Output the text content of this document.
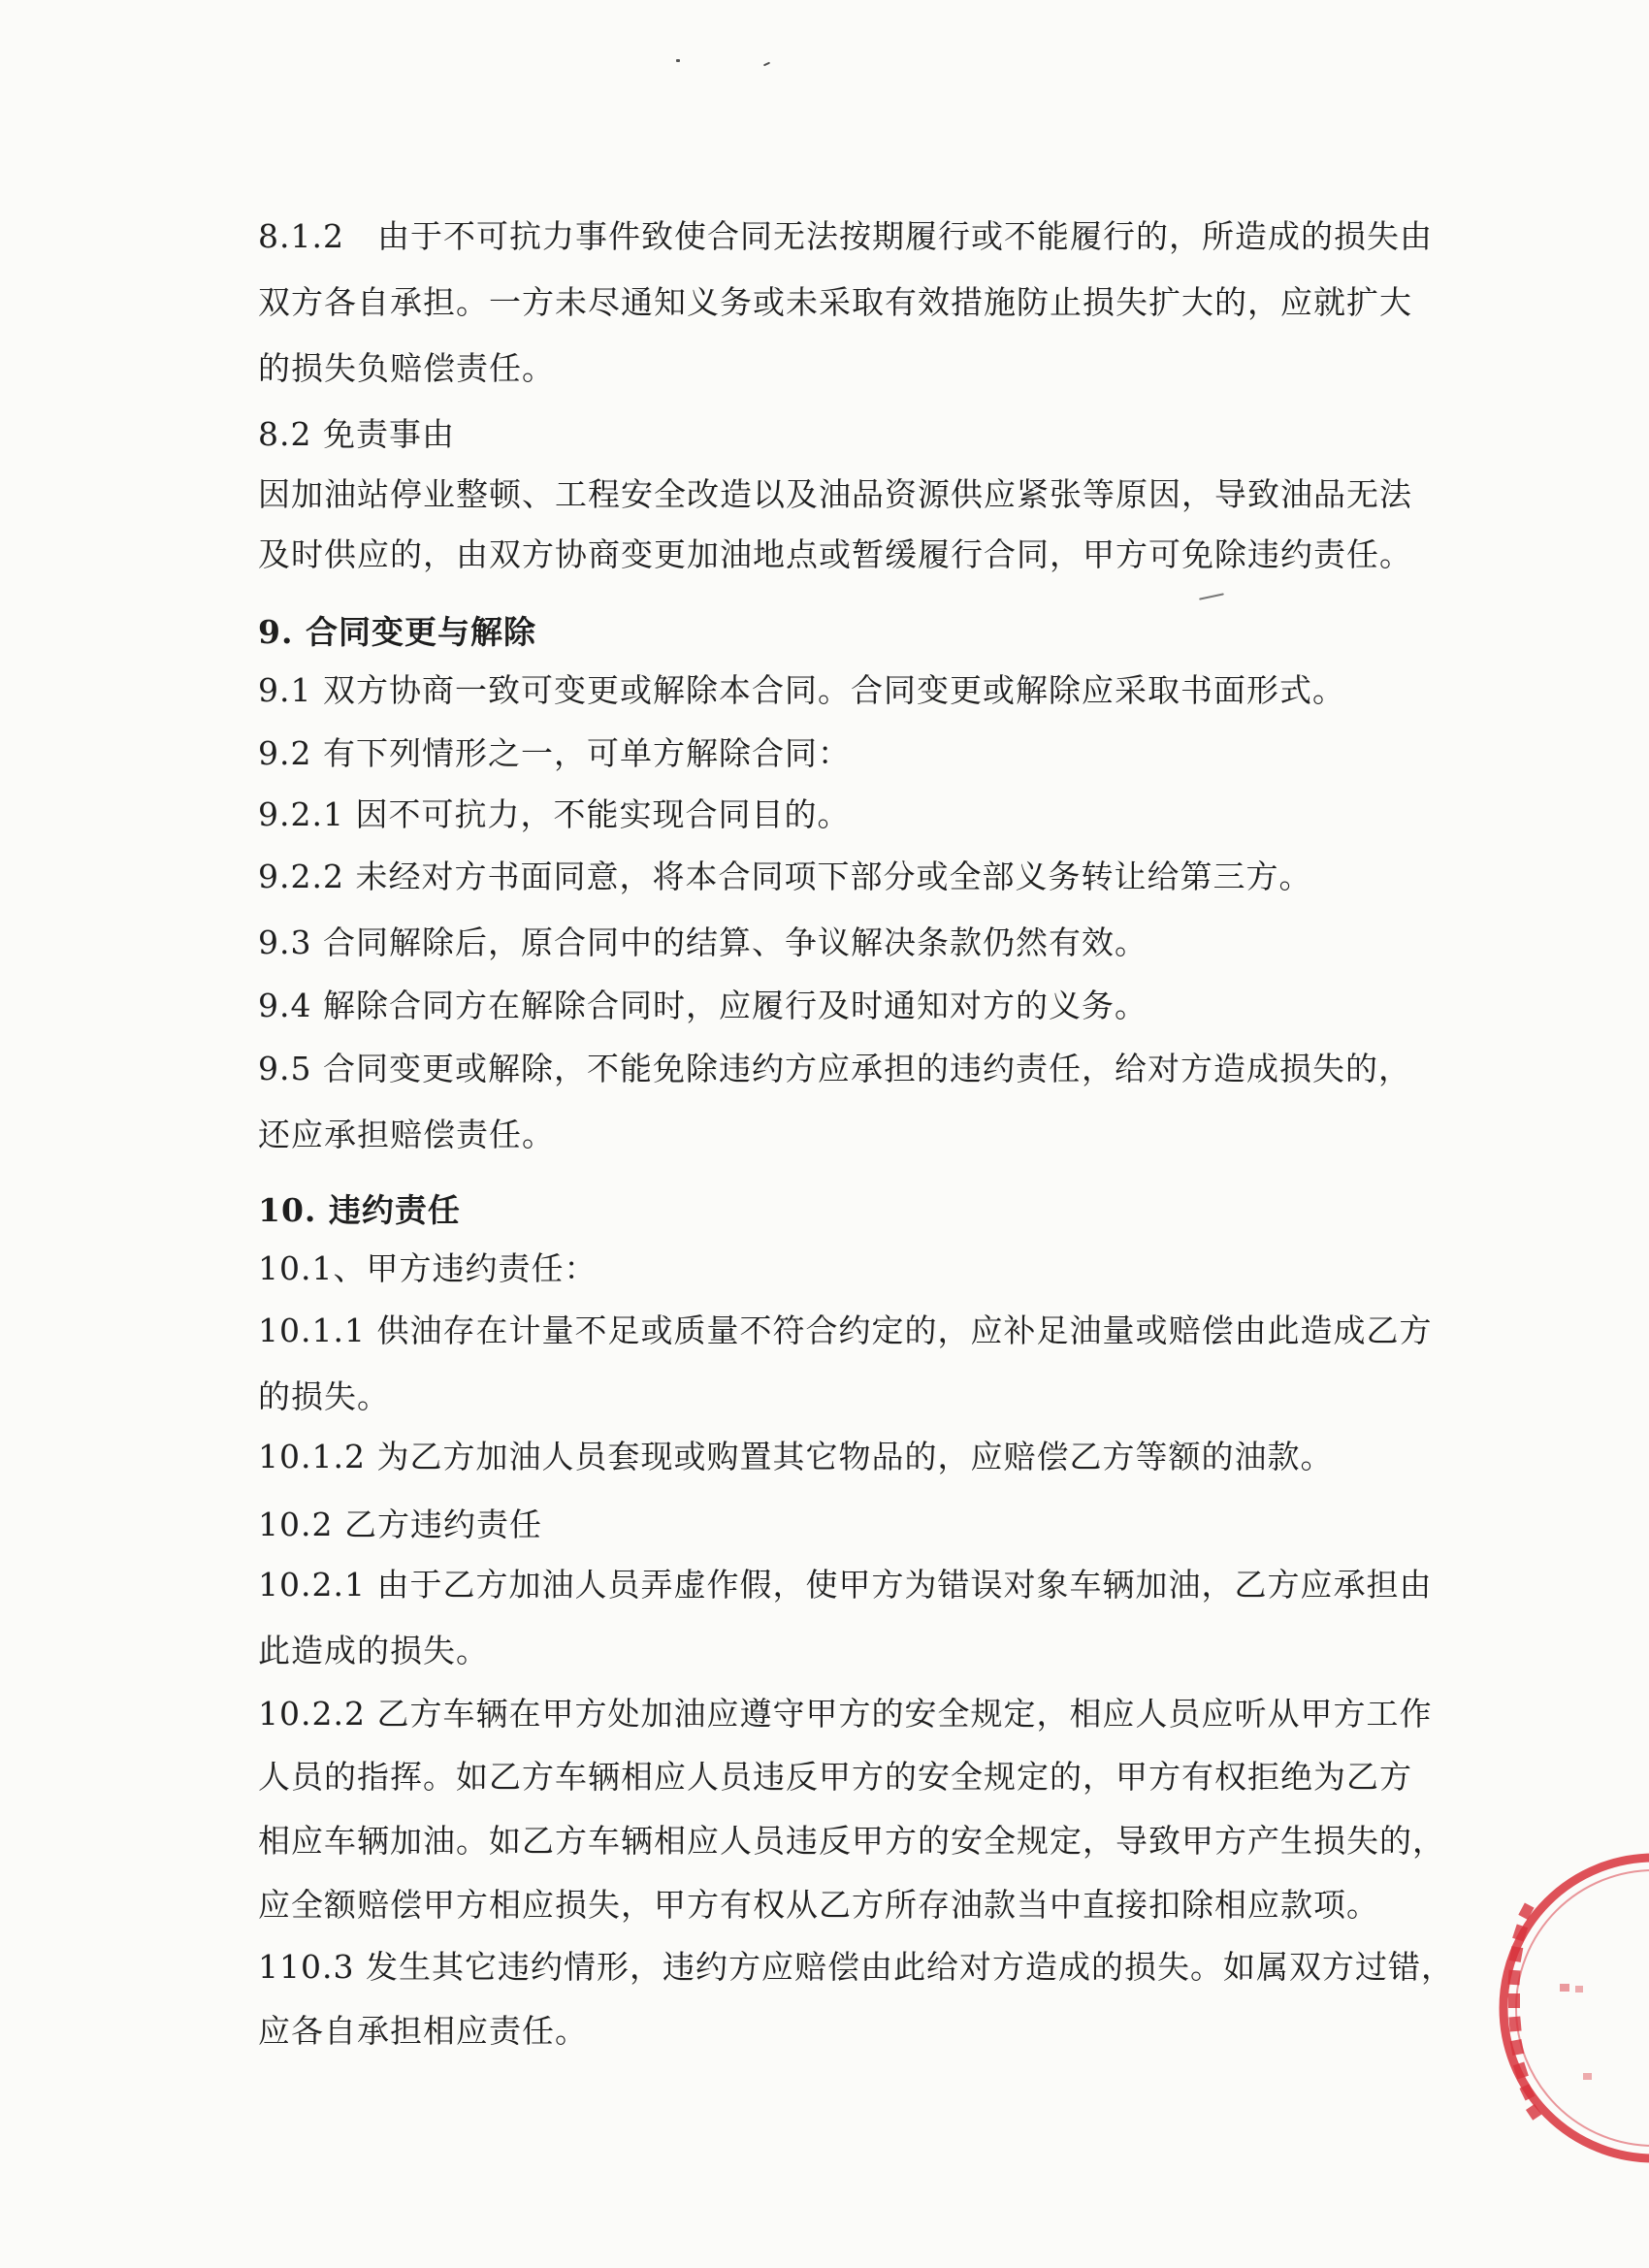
8.1.2　由于不可抗力事件致使合同无法按期履行或不能履行的，所造成的损失由
双方各自承担。一方未尽通知义务或未采取有效措施防止损失扩大的，应就扩大
的损失负赔偿责任。
8.2 免责事由
因加油站停业整顿、工程安全改造以及油品资源供应紧张等原因，导致油品无法
及时供应的，由双方协商变更加油地点或暂缓履行合同，甲方可免除违约责任。
9. 合同变更与解除
9.1 双方协商一致可变更或解除本合同。合同变更或解除应采取书面形式。
9.2 有下列情形之一，可单方解除合同：
9.2.1 因不可抗力，不能实现合同目的。
9.2.2 未经对方书面同意，将本合同项下部分或全部义务转让给第三方。
9.3 合同解除后，原合同中的结算、争议解决条款仍然有效。
9.4 解除合同方在解除合同时，应履行及时通知对方的义务。
9.5 合同变更或解除，不能免除违约方应承担的违约责任，给对方造成损失的，
还应承担赔偿责任。
10. 违约责任
10.1、甲方违约责任：
10.1.1 供油存在计量不足或质量不符合约定的，应补足油量或赔偿由此造成乙方
的损失。
10.1.2 为乙方加油人员套现或购置其它物品的，应赔偿乙方等额的油款。
10.2 乙方违约责任
10.2.1 由于乙方加油人员弄虚作假，使甲方为错误对象车辆加油，乙方应承担由
此造成的损失。
10.2.2 乙方车辆在甲方处加油应遵守甲方的安全规定，相应人员应听从甲方工作
人员的指挥。如乙方车辆相应人员违反甲方的安全规定的，甲方有权拒绝为乙方
相应车辆加油。如乙方车辆相应人员违反甲方的安全规定，导致甲方产生损失的，
应全额赔偿甲方相应损失，甲方有权从乙方所存油款当中直接扣除相应款项。
110.3 发生其它违约情形，违约方应赔偿由此给对方造成的损失。如属双方过错，
应各自承担相应责任。
